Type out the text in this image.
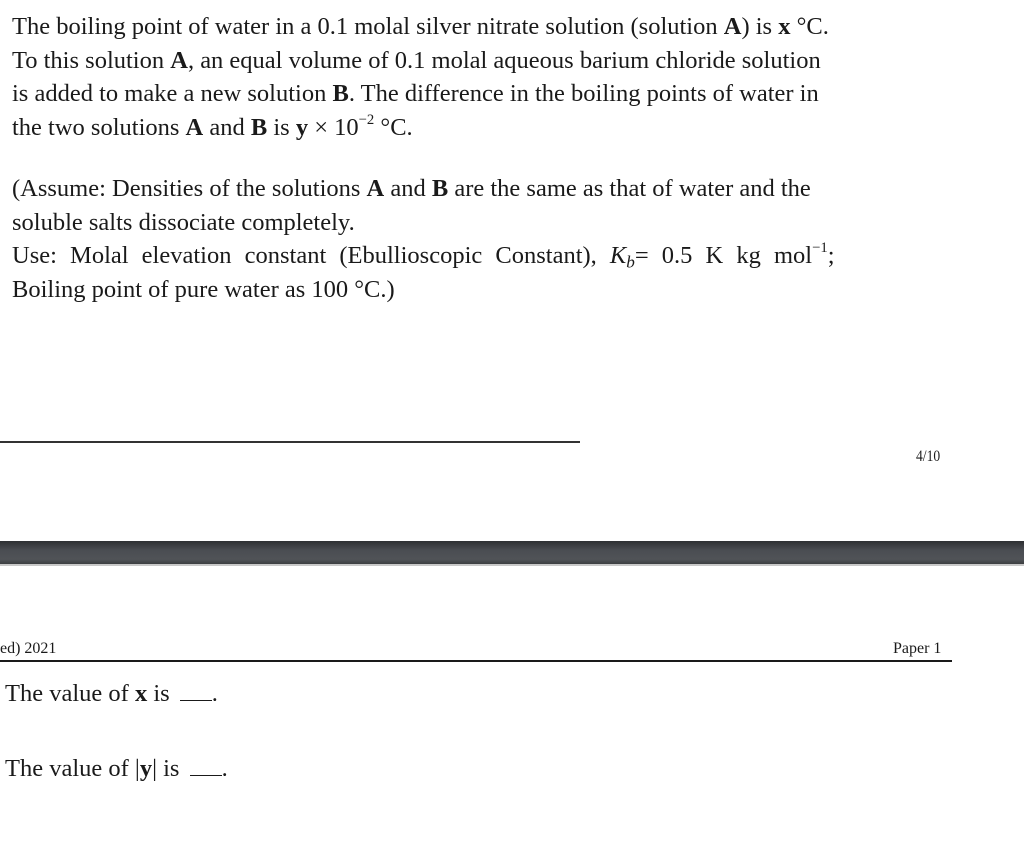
The boiling point of water in a 0.1 molal silver nitrate solution (solution A) is x °C.
To this solution A, an equal volume of 0.1 molal aqueous barium chloride solution
is added to make a new solution B. The difference in the boiling points of water in
the two solutions A and B is $y \times 10^{-2}$ °C.
(Assume: Densities of the solutions A and B are the same as that of water and the
soluble salts dissociate completely.
Use: Molal elevation constant (Ebullioscopic Constant), $K_b= 0.5$ K kg mol$^{-1}$;
Boiling point of pure water as 100 °C.)
4/10
ed) 2021	Paper 1
The value of x is .
The value of |y| is .
